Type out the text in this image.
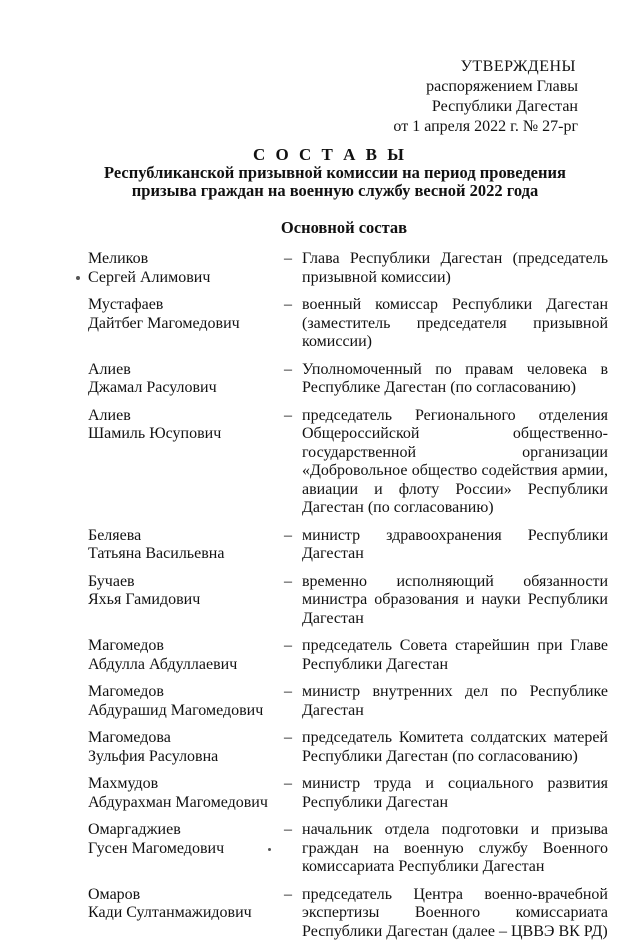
УТВЕРЖДЕНЫ
распоряжением Главы
Республики Дагестан
от 1 апреля 2022 г. № 27-рг
С О С Т А В Ы
Республиканской призывной комиссии на период проведения
призыва граждан на военную службу весной 2022 года
Основной состав
Меликов
Сергей Алимович
– Глава Республики Дагестан (председатель призывной комиссии)
Мустафаев
Дайтбег Магомедович
– военный комиссар Республики Дагестан (заместитель председателя призывной комиссии)
Алиев
Джамал Расулович
– Уполномоченный по правам человека в Республике Дагестан (по согласованию)
Алиев
Шамиль Юсупович
– председатель Регионального отделения Общероссийской общественно-государственной организации «Добровольное общество содействия армии, авиации и флоту России» Республики Дагестан (по согласованию)
Беляева
Татьяна Васильевна
– министр здравоохранения Республики Дагестан
Бучаев
Яхья Гамидович
– временно исполняющий обязанности министра образования и науки Республики Дагестан
Магомедов
Абдулла Абдуллаевич
– председатель Совета старейшин при Главе Республики Дагестан
Магомедов
Абдурашид Магомедович
– министр внутренних дел по Республике Дагестан
Магомедова
Зульфия Расуловна
– председатель Комитета солдатских матерей Республики Дагестан (по согласованию)
Махмудов
Абдурахман Магомедович
– министр труда и социального развития Республики Дагестан
Омаргаджиев
Гусен Магомедович
– начальник отдела подготовки и призыва граждан на военную службу Военного комиссариата Республики Дагестан
Омаров
Кади Султанмажидович
– председатель Центра военно-врачебной экспертизы Военного комиссариата Республики Дагестан (далее – ЦВВЭ ВК РД)
